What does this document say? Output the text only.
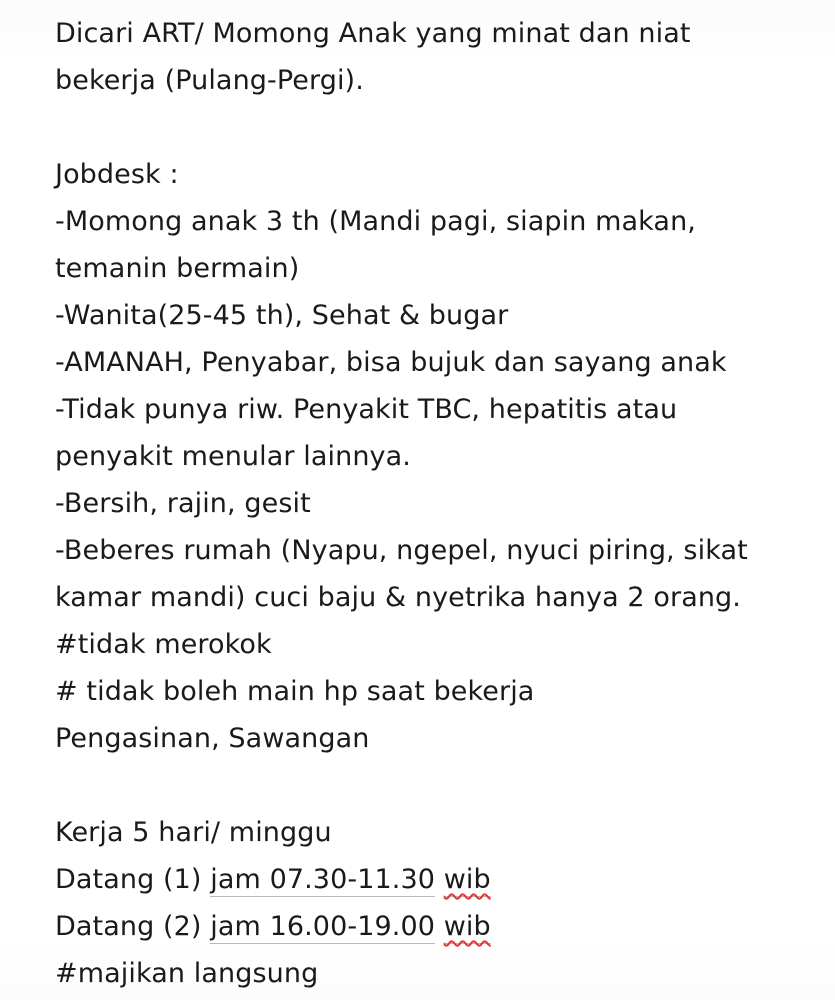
Dicari ART/ Momong Anak yang minat dan niat
bekerja (Pulang-Pergi).
Jobdesk :
-Momong anak 3 th (Mandi pagi, siapin makan,
temanin bermain)
-Wanita(25-45 th), Sehat & bugar
-AMANAH, Penyabar, bisa bujuk dan sayang anak
-Tidak punya riw. Penyakit TBC, hepatitis atau
penyakit menular lainnya.
-Bersih, rajin, gesit
-Beberes rumah (Nyapu, ngepel, nyuci piring, sikat
kamar mandi) cuci baju & nyetrika hanya 2 orang.
#tidak merokok
# tidak boleh main hp saat bekerja
Pengasinan, Sawangan
Kerja 5 hari/ minggu
Datang (1) jam 07.30-11.30 wib
Datang (2) jam 16.00-19.00 wib
#majikan langsung
